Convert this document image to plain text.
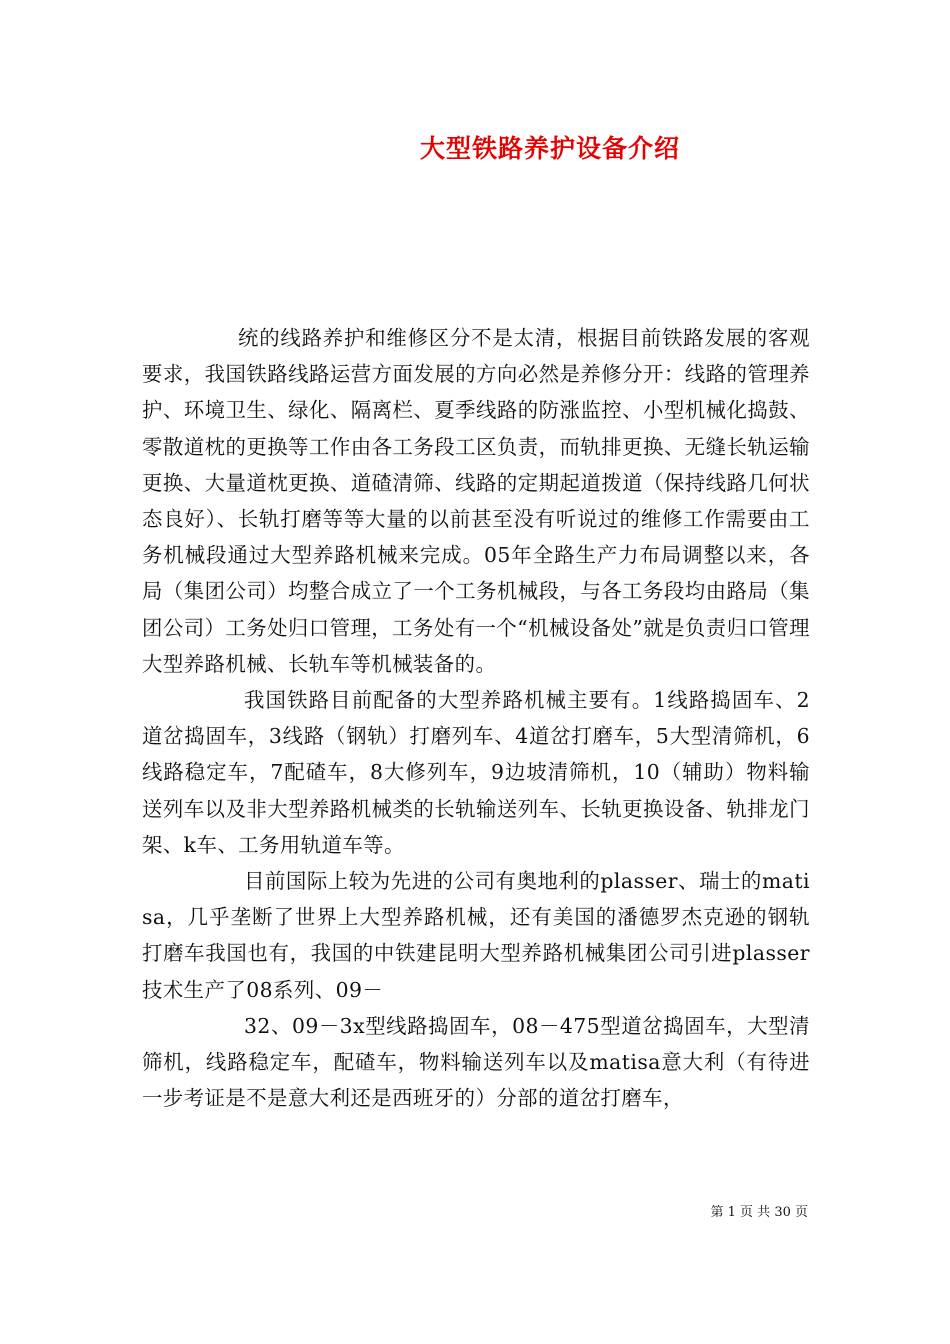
大型铁路养护设备介绍

统的线路养护和维修区分不是太清，根据目前铁路发展的客观要求，我国铁路线路运营方面发展的方向必然是养修分开：线路的管理养护、环境卫生、绿化、隔离栏、夏季线路的防涨监控、小型机械化捣鼓、零散道枕的更换等工作由各工务段工区负责，而轨排更换、无缝长轨运输更换、大量道枕更换、道碴清筛、线路的定期起道拨道（保持线路几何状态良好）、长轨打磨等等大量的以前甚至没有听说过的维修工作需要由工务机械段通过大型养路机械来完成。05年全路生产力布局调整以来，各局（集团公司）均整合成立了一个工务机械段，与各工务段均由路局（集团公司）工务处归口管理，工务处有一个“机械设备处”就是负责归口管理大型养路机械、长轨车等机械装备的。

我国铁路目前配备的大型养路机械主要有。1线路捣固车、2道岔捣固车，3线路（钢轨）打磨列车、4道岔打磨车，5大型清筛机，6线路稳定车，7配碴车，8大修列车，9边坡清筛机，10（辅助）物料输送列车以及非大型养路机械类的长轨输送列车、长轨更换设备、轨排龙门架、k车、工务用轨道车等。

目前国际上较为先进的公司有奥地利的plasser、瑞士的matisa，几乎垄断了世界上大型养路机械，还有美国的潘德罗杰克逊的钢轨打磨车我国也有，我国的中铁建昆明大型养路机械集团公司引进plasser技术生产了08系列、09－

32、09－3x型线路捣固车，08－475型道岔捣固车，大型清筛机，线路稳定车，配碴车，物料输送列车以及matisa意大利（有待进一步考证是不是意大利还是西班牙的）分部的道岔打磨车，

第 1 页 共 30 页
